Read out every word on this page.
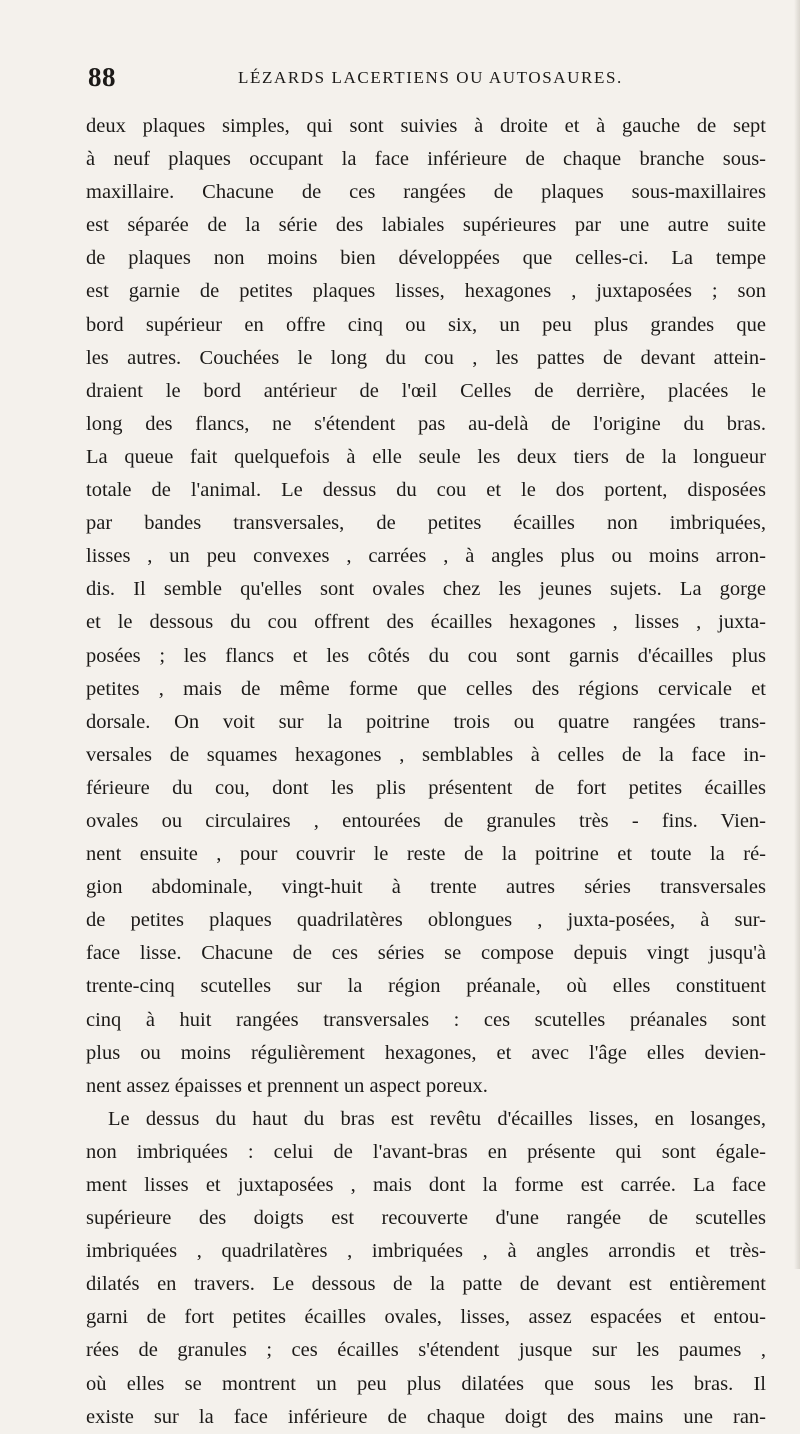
88	LÉZARDS LACERTIENS OU AUTOSAURES.
deux plaques simples, qui sont suivies à droite et à gauche de sept
à neuf plaques occupant la face inférieure de chaque branche sous-
maxillaire. Chacune de ces rangées de plaques sous-maxillaires
est séparée de la série des labiales supérieures par une autre suite
de plaques non moins bien développées que celles-ci. La tempe
est garnie de petites plaques lisses, hexagones , juxtaposées ; son
bord supérieur en offre cinq ou six, un peu plus grandes que
les autres. Couchées le long du cou , les pattes de devant attein-
draient le bord antérieur de l'œil Celles de derrière, placées le
long des flancs, ne s'étendent pas au-delà de l'origine du bras.
La queue fait quelquefois à elle seule les deux tiers de la longueur
totale de l'animal. Le dessus du cou et le dos portent, disposées
par bandes transversales, de petites écailles non imbriquées,
lisses , un peu convexes , carrées , à angles plus ou moins arron-
dis. Il semble qu'elles sont ovales chez les jeunes sujets. La gorge
et le dessous du cou offrent des écailles hexagones , lisses , juxta-
posées ; les flancs et les côtés du cou sont garnis d'écailles plus
petites , mais de même forme que celles des régions cervicale et
dorsale. On voit sur la poitrine trois ou quatre rangées trans-
versales de squames hexagones , semblables à celles de la face in-
férieure du cou, dont les plis présentent de fort petites écailles
ovales ou circulaires , entourées de granules très - fins. Vien-
nent ensuite , pour couvrir le reste de la poitrine et toute la ré-
gion abdominale, vingt-huit à trente autres séries transversales
de petites plaques quadrilatères oblongues , juxta-posées, à sur-
face lisse. Chacune de ces séries se compose depuis vingt jusqu'à
trente-cinq scutelles sur la région préanale, où elles constituent
cinq à huit rangées transversales : ces scutelles préanales sont
plus ou moins régulièrement hexagones, et avec l'âge elles devien-
nent assez épaisses et prennent un aspect poreux.
Le dessus du haut du bras est revêtu d'écailles lisses, en losanges,
non imbriquées : celui de l'avant-bras en présente qui sont égale-
ment lisses et juxtaposées , mais dont la forme est carrée. La face
supérieure des doigts est recouverte d'une rangée de scutelles
imbriquées , quadrilatères , imbriquées , à angles arrondis et très-
dilatés en travers. Le dessous de la patte de devant est entièrement
garni de fort petites écailles ovales, lisses, assez espacées et entou-
rées de granules ; ces écailles s'étendent jusque sur les paumes ,
où elles se montrent un peu plus dilatées que sous les bras. Il
existe sur la face inférieure de chaque doigt des mains une ran-
